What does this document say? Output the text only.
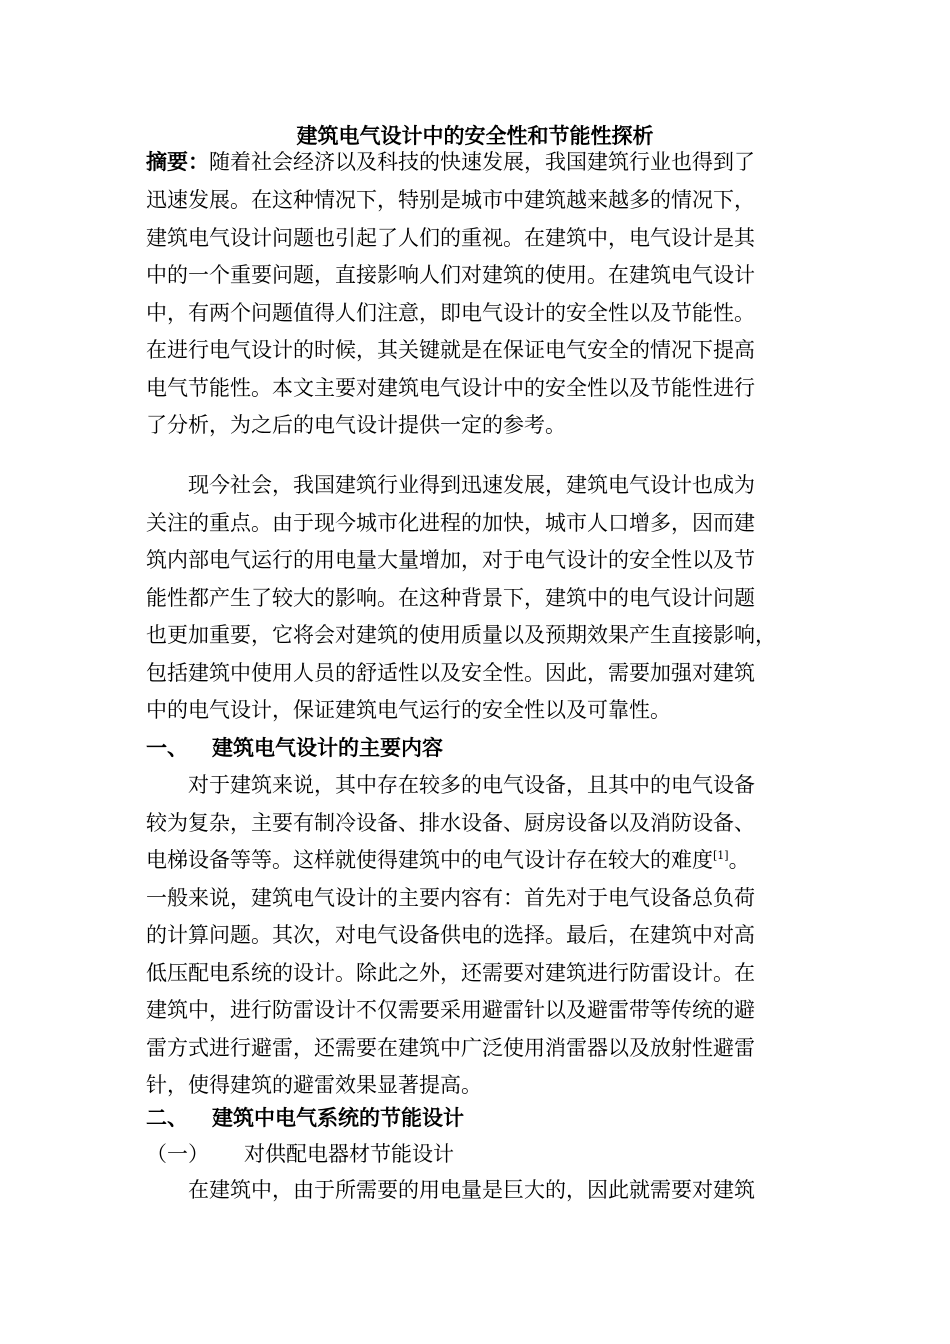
建筑电气设计中的安全性和节能性探析
摘要：随着社会经济以及科技的快速发展，我国建筑行业也得到了
迅速发展。在这种情况下，特别是城市中建筑越来越多的情况下，
建筑电气设计问题也引起了人们的重视。在建筑中，电气设计是其
中的一个重要问题，直接影响人们对建筑的使用。在建筑电气设计
中，有两个问题值得人们注意，即电气设计的安全性以及节能性。
在进行电气设计的时候，其关键就是在保证电气安全的情况下提高
电气节能性。本文主要对建筑电气设计中的安全性以及节能性进行
了分析，为之后的电气设计提供一定的参考。
现今社会，我国建筑行业得到迅速发展，建筑电气设计也成为
关注的重点。由于现今城市化进程的加快，城市人口增多，因而建
筑内部电气运行的用电量大量增加，对于电气设计的安全性以及节
能性都产生了较大的影响。在这种背景下，建筑中的电气设计问题
也更加重要，它将会对建筑的使用质量以及预期效果产生直接影响，
包括建筑中使用人员的舒适性以及安全性。因此，需要加强对建筑
中的电气设计，保证建筑电气运行的安全性以及可靠性。
一、 建筑电气设计的主要内容
对于建筑来说，其中存在较多的电气设备，且其中的电气设备
较为复杂，主要有制冷设备、排水设备、厨房设备以及消防设备、
电梯设备等等。这样就使得建筑中的电气设计存在较大的难度[1]。
一般来说，建筑电气设计的主要内容有：首先对于电气设备总负荷
的计算问题。其次，对电气设备供电的选择。最后，在建筑中对高
低压配电系统的设计。除此之外，还需要对建筑进行防雷设计。在
建筑中，进行防雷设计不仅需要采用避雷针以及避雷带等传统的避
雷方式进行避雷，还需要在建筑中广泛使用消雷器以及放射性避雷
针，使得建筑的避雷效果显著提高。
二、 建筑中电气系统的节能设计
（一） 对供配电器材节能设计
在建筑中，由于所需要的用电量是巨大的，因此就需要对建筑
